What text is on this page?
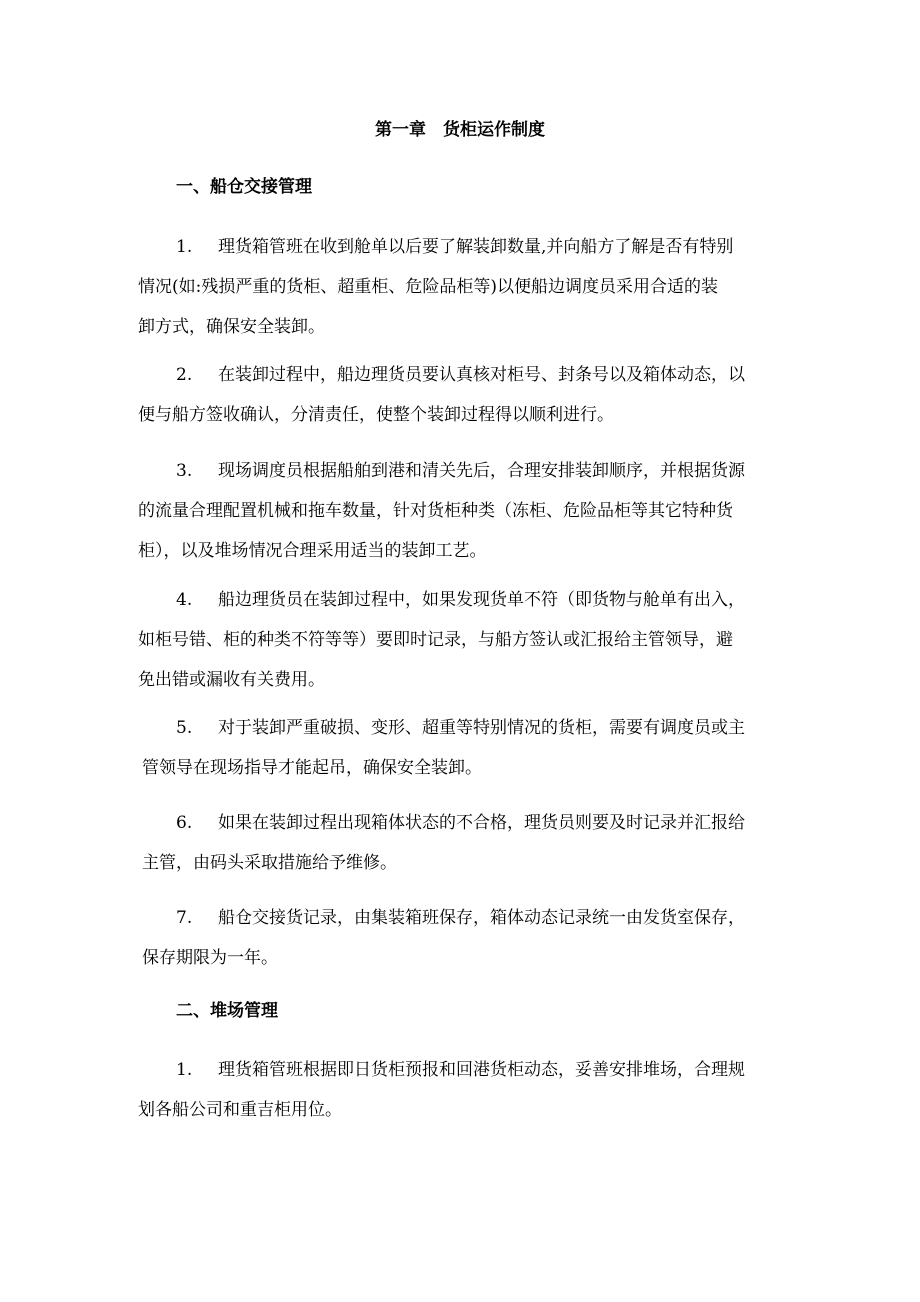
第一章　货柜运作制度
一、船仓交接管理
1. 理货箱管班在收到舱单以后要了解装卸数量,并向船方了解是否有特别
情况(如:残损严重的货柜、超重柜、危险品柜等)以便船边调度员采用合适的装
卸方式，确保安全装卸。
2. 在装卸过程中，船边理货员要认真核对柜号、封条号以及箱体动态，以
便与船方签收确认，分清责任，使整个装卸过程得以顺利进行。
3. 现场调度员根据船舶到港和清关先后，合理安排装卸顺序，并根据货源
的流量合理配置机械和拖车数量，针对货柜种类（冻柜、危险品柜等其它特种货
柜），以及堆场情况合理采用适当的装卸工艺。
4. 船边理货员在装卸过程中，如果发现货单不符（即货物与舱单有出入，
如柜号错、柜的种类不符等等）要即时记录，与船方签认或汇报给主管领导，避
免出错或漏收有关费用。
5. 对于装卸严重破损、变形、超重等特别情况的货柜，需要有调度员或主
管领导在现场指导才能起吊，确保安全装卸。
6. 如果在装卸过程出现箱体状态的不合格，理货员则要及时记录并汇报给
主管，由码头采取措施给予维修。
7. 船仓交接货记录，由集装箱班保存，箱体动态记录统一由发货室保存，
保存期限为一年。
二、堆场管理
1. 理货箱管班根据即日货柜预报和回港货柜动态，妥善安排堆场，合理规
划各船公司和重吉柜用位。
